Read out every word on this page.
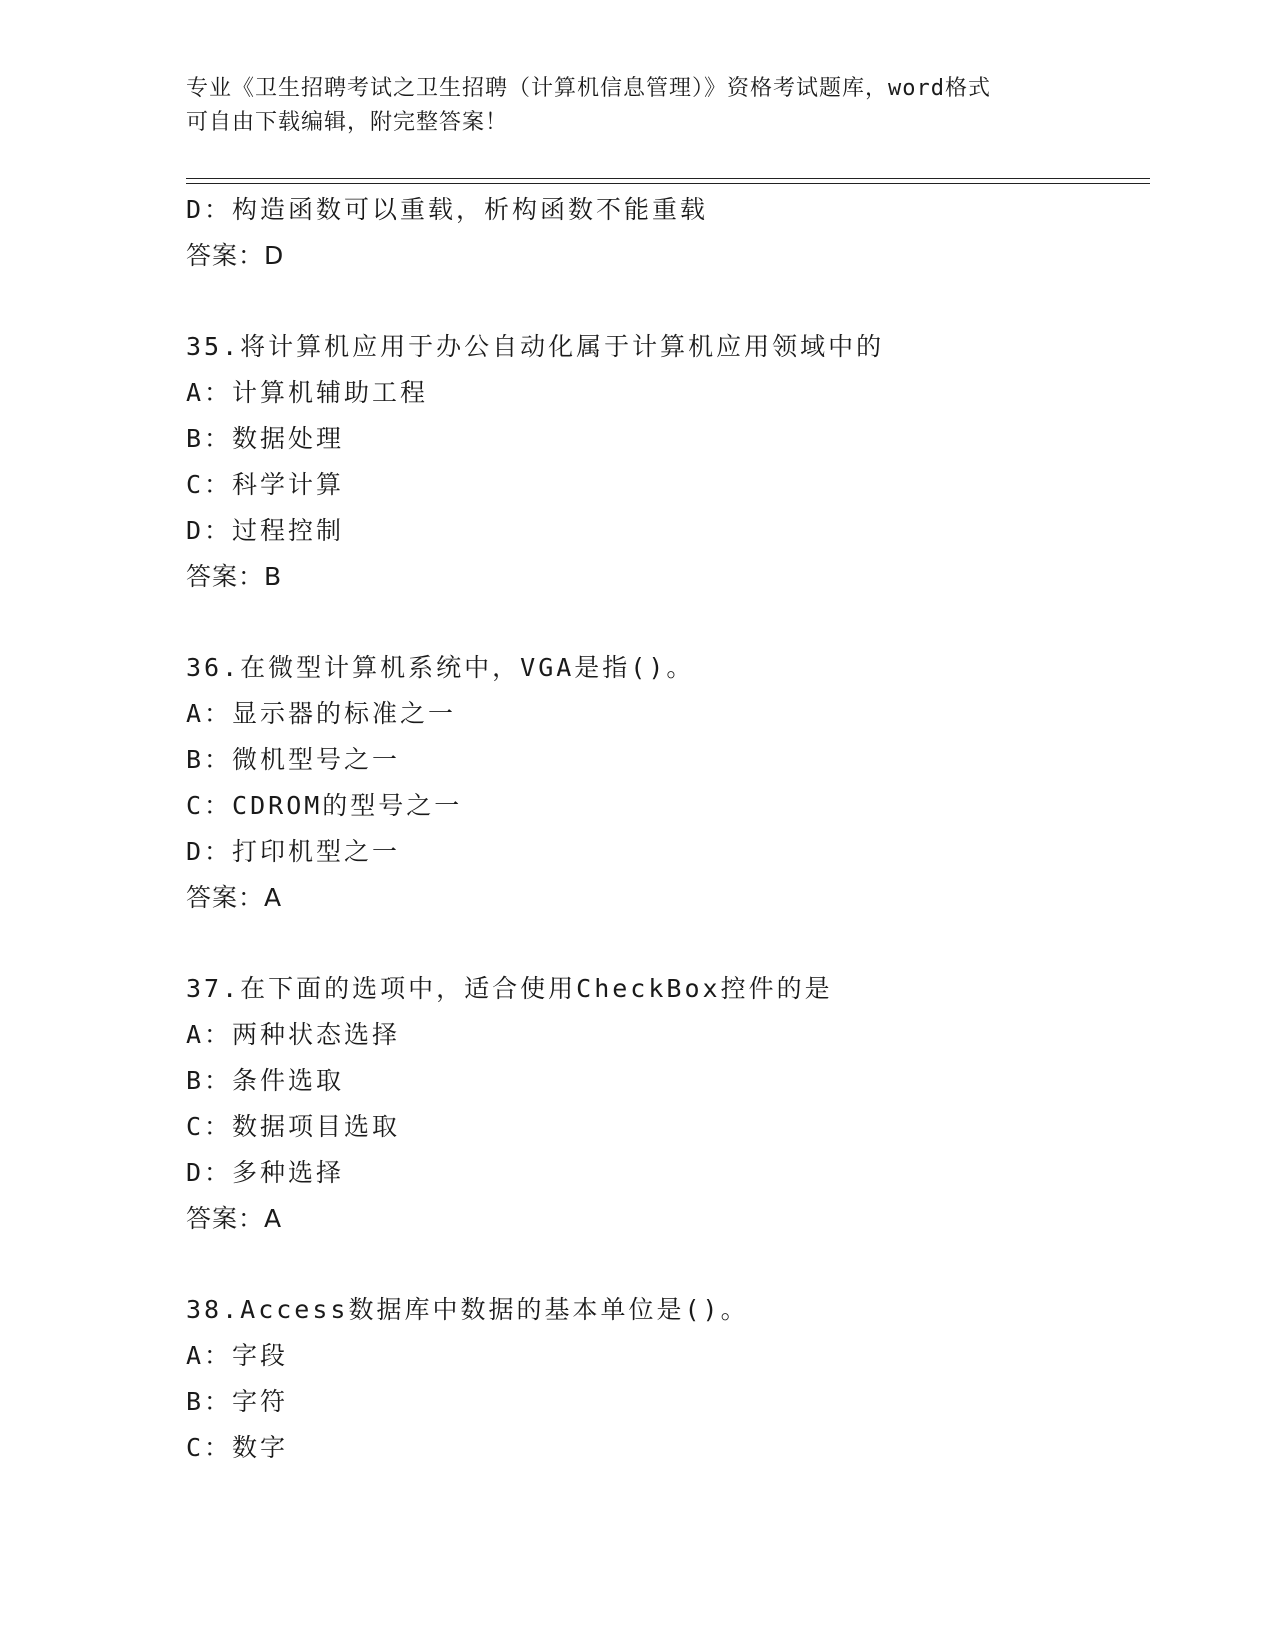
专业《卫生招聘考试之卫生招聘（计算机信息管理）》资格考试题库，word格式
可自由下载编辑，附完整答案！
D：构造函数可以重载，析构函数不能重载
答案：D
35.将计算机应用于办公自动化属于计算机应用领域中的
A：计算机辅助工程
B：数据处理
C：科学计算
D：过程控制
答案：B
36.在微型计算机系统中，VGA是指()。
A：显示器的标准之一
B：微机型号之一
C：CDROM的型号之一
D：打印机型之一
答案：A
37.在下面的选项中，适合使用CheckBox控件的是
A：两种状态选择
B：条件选取
C：数据项目选取
D：多种选择
答案：A
38.Access数据库中数据的基本单位是()。
A：字段
B：字符
C：数字
